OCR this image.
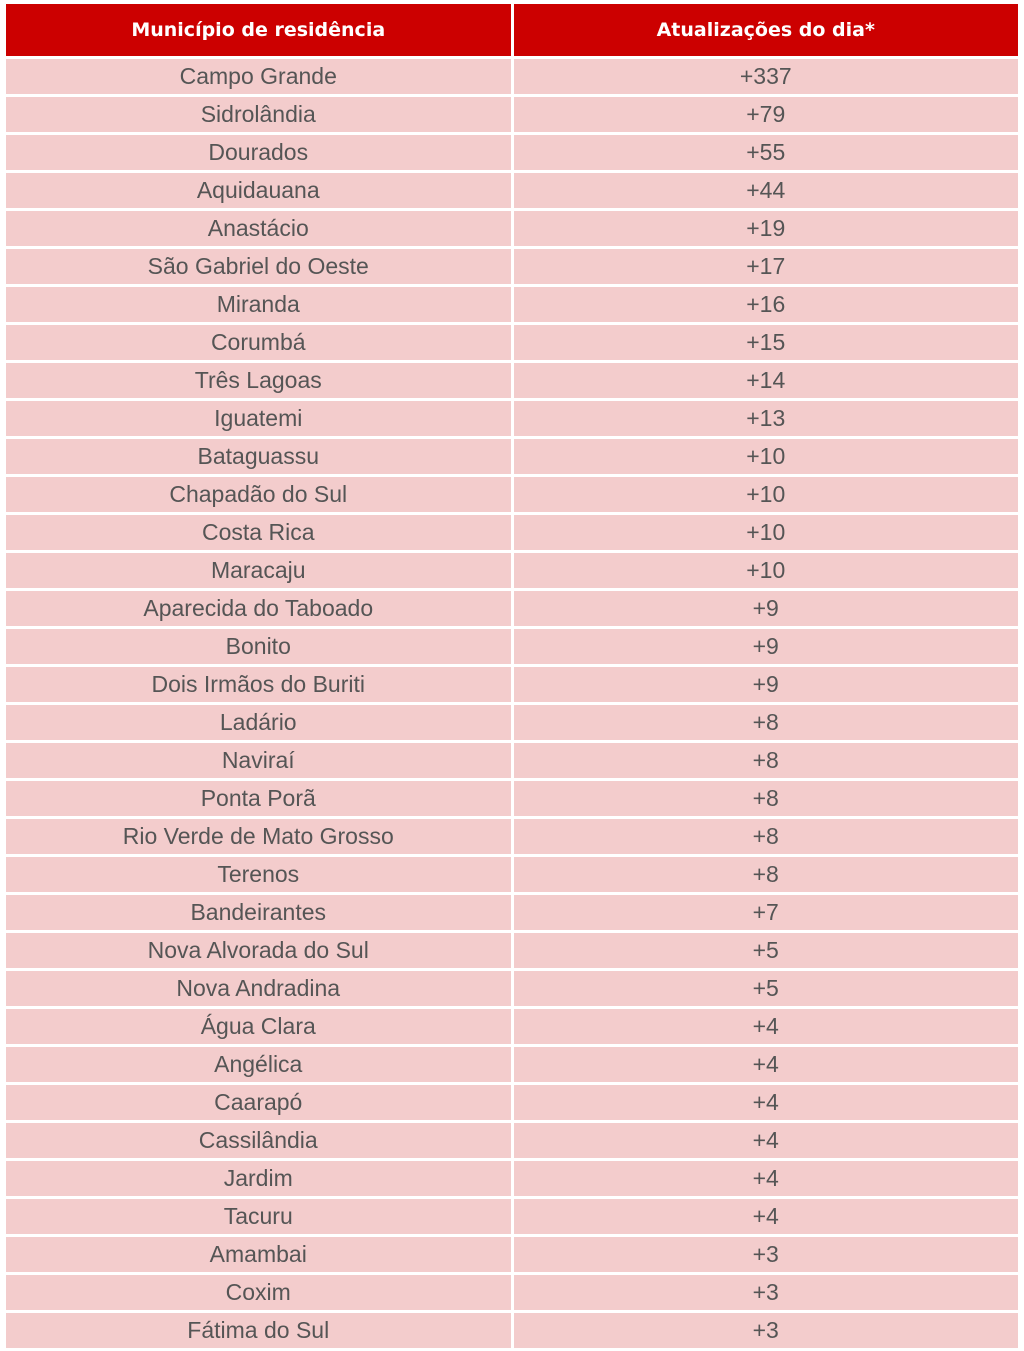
Município de residência	Atualizações do dia*
Campo Grande	+337
Sidrolândia	+79
Dourados	+55
Aquidauana	+44
Anastácio	+19
São Gabriel do Oeste	+17
Miranda	+16
Corumbá	+15
Três Lagoas	+14
Iguatemi	+13
Bataguassu	+10
Chapadão do Sul	+10
Costa Rica	+10
Maracaju	+10
Aparecida do Taboado	+9
Bonito	+9
Dois Irmãos do Buriti	+9
Ladário	+8
Naviraí	+8
Ponta Porã	+8
Rio Verde de Mato Grosso	+8
Terenos	+8
Bandeirantes	+7
Nova Alvorada do Sul	+5
Nova Andradina	+5
Água Clara	+4
Angélica	+4
Caarapó	+4
Cassilândia	+4
Jardim	+4
Tacuru	+4
Amambai	+3
Coxim	+3
Fátima do Sul	+3
